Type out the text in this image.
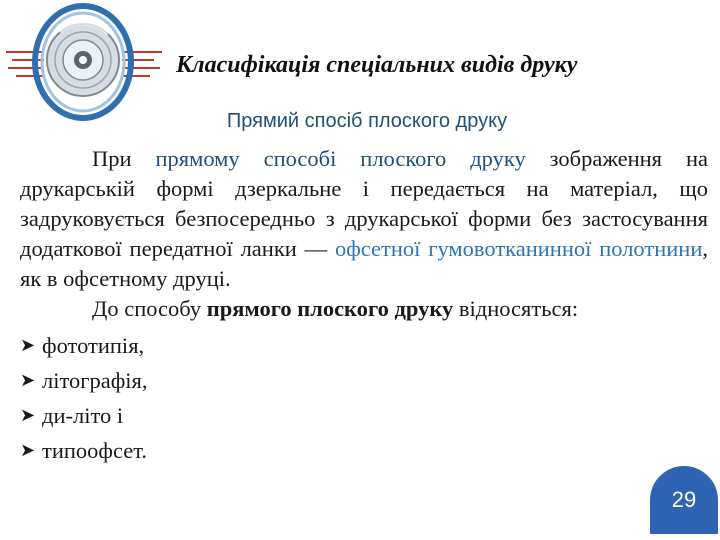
Класифікація спеціальних видів друку
Прямий спосіб плоского друку

При прямому способі плоского друку зображення на друкарській формі дзеркальне і передається на матеріал, що задруковується безпосередньо з друкарської форми без застосування додаткової передатної ланки — офсетної гумовотканинної полотнини, як в офсетному друці.

До способу прямого плоского друку відносяться:

➤ фототипія,
➤ літографія,
➤ ди-літо і
➤ типоофсет.
29
